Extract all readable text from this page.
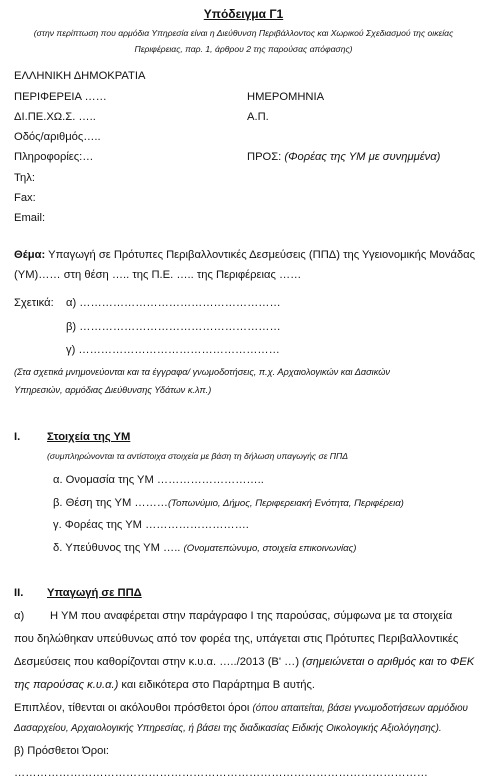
Υπόδειγμα Γ1
(στην περίπτωση που αρμόδια Υπηρεσία είναι η Διεύθυνση Περιβάλλοντος και Χωρικού Σχεδιασμού της οικείας
Περιφέρειας, παρ. 1, άρθρου 2 της παρούσας απόφασης)
ΕΛΛΗΝΙΚΗ ΔΗΜΟΚΡΑΤΙΑ
ΠΕΡΙΦΕΡΕΙΑ ……
ΔΙ.ΠΕ.ΧΩ.Σ. …..
Οδός/αριθμός…..
Πληροφορίες:…
Τηλ:
Fax:
Email:
ΗΜΕΡΟΜΗΝΙΑ
Α.Π.
ΠΡΟΣ: (Φορέας της ΥΜ με συνημμένα)
Θέμα: Υπαγωγή σε Πρότυπες Περιβαλλοντικές Δεσμεύσεις (ΠΠΔ) της Υγειονομικής Μονάδας
(ΥΜ)…… στη θέση ….. της Π.Ε. ….. της Περιφέρειας ……
Σχετικά: α) ………………………………………………
β) ………………………………………………
γ) ………………………………………………
(Στα σχετικά μνημονεύονται και τα έγγραφα/ γνωμοδοτήσεις, π.χ. Αρχαιολογικών και Δασικών
Υπηρεσιών, αρμόδιας Διεύθυνσης Υδάτων κ.λπ.)
I. Στοιχεία της ΥΜ
(συμπληρώνονται τα αντίστοιχα στοιχεία με βάση τη δήλωση υπαγωγής σε ΠΠΔ
α. Ονομασία της ΥΜ ………………………..
β. Θέση της ΥΜ ………(Τοπωνύμιο, Δήμος, Περιφερειακή Ενότητα, Περιφέρεια)
γ. Φορέας της ΥΜ ……………………….
δ. Υπεύθυνος της ΥΜ ….. (Ονοματεπώνυμο, στοιχεία επικοινωνίας)
II. Υπαγωγή σε ΠΠΔ
α) Η ΥΜ που αναφέρεται στην παράγραφο Ι της παρούσας, σύμφωνα με τα στοιχεία
που δηλώθηκαν υπεύθυνως από τον φορέα της, υπάγεται στις Πρότυπες Περιβαλλοντικές
Δεσμεύσεις που καθορίζονται στην κ.υ.α. …../2013 (Β' …) (σημειώνεται ο αριθμός και το ΦΕΚ
της παρούσας κ.υ.α.) και ειδικότερα στο Παράρτημα Β αυτής.
Επιπλέον, τίθενται οι ακόλουθοι πρόσθετοι όροι (όπου απαιτείται, βάσει γνωμοδοτήσεων αρμόδιου
Δασαρχείου, Αρχαιολογικής Υπηρεσίας, ή βάσει της διαδικασίας Ειδικής Οικολογικής Αξιολόγησης).
β) Πρόσθετοι Όροι:
…………………………………………………………………………………………………
